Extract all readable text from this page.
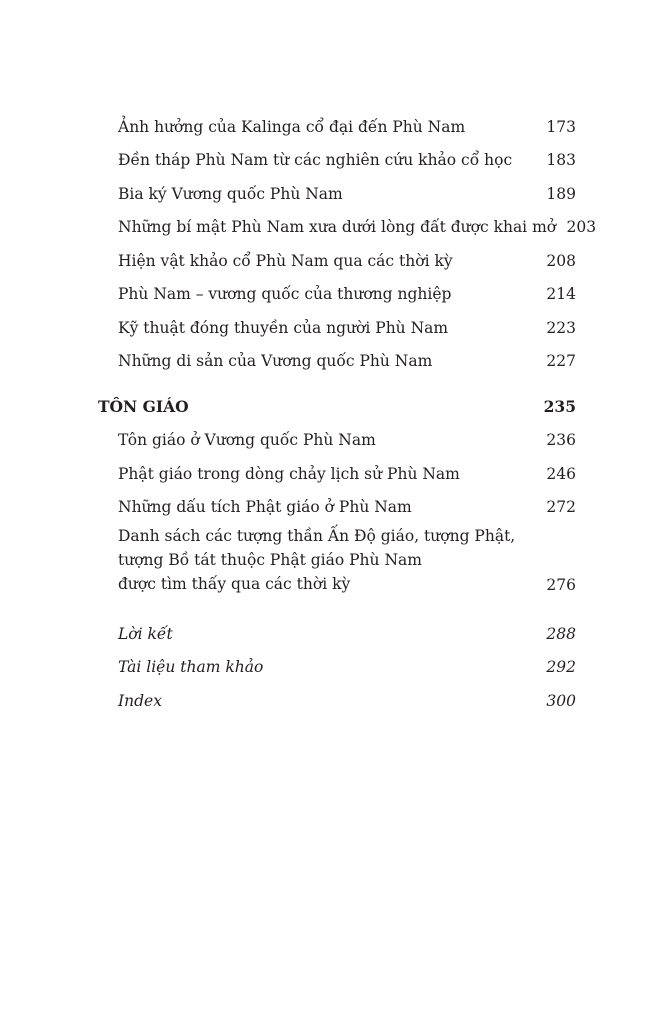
Ảnh hưởng của Kalinga cổ đại đến Phù Nam	173
Đền tháp Phù Nam từ các nghiên cứu khảo cổ học	183
Bia ký Vương quốc Phù Nam	189
Những bí mật Phù Nam xưa dưới lòng đất được khai mở 203
Hiện vật khảo cổ Phù Nam qua các thời kỳ	208
Phù Nam – vương quốc của thương nghiệp	214
Kỹ thuật đóng thuyền của người Phù Nam	223
Những di sản của Vương quốc Phù Nam	227
TÔN GIÁO	235
Tôn giáo ở Vương quốc Phù Nam	236
Phật giáo trong dòng chảy lịch sử Phù Nam	246
Những dấu tích Phật giáo ở Phù Nam	272
Danh sách các tượng thần Ấn Độ giáo, tượng Phật,
tượng Bồ tát thuộc Phật giáo Phù Nam
được tìm thấy qua các thời kỳ	276
Lời kết	288
Tài liệu tham khảo	292
Index	300
